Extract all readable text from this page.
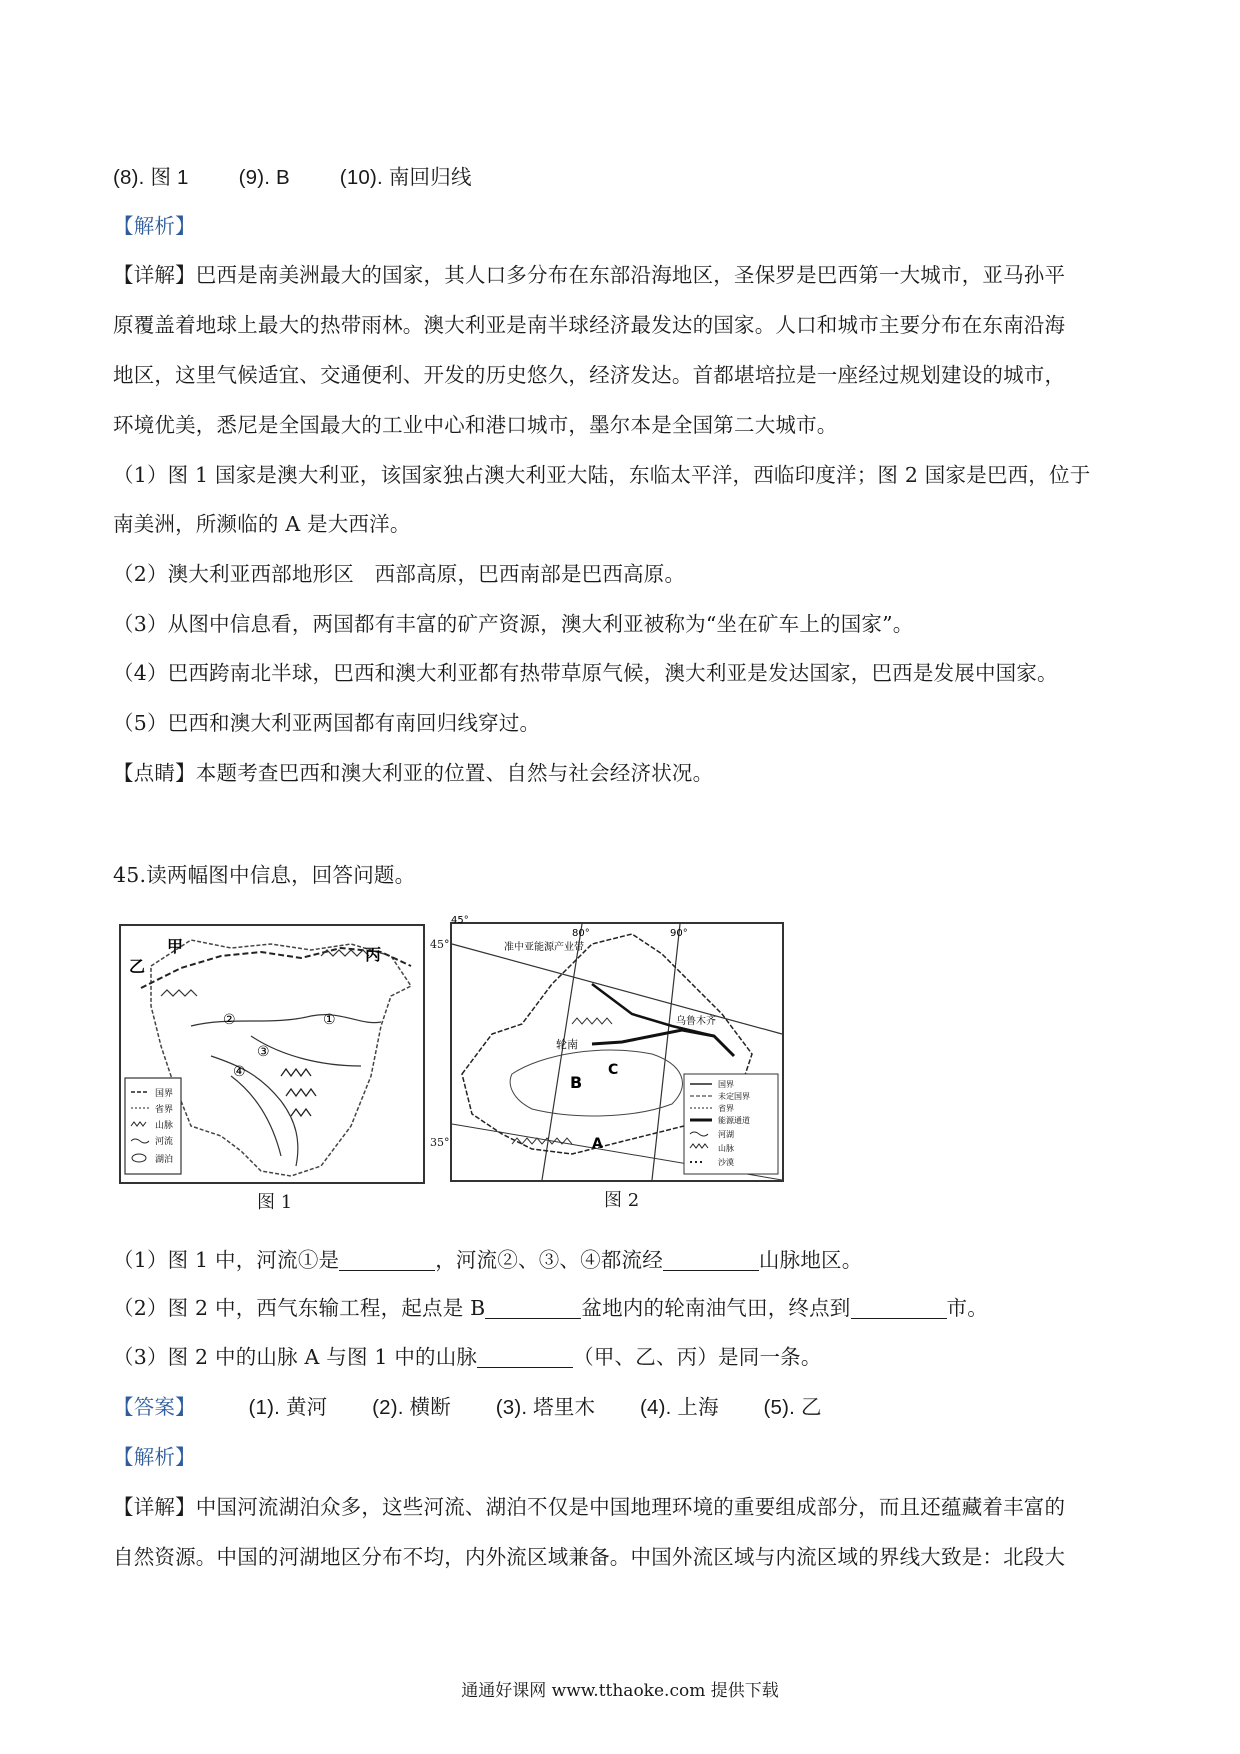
(8). 图 1 (9). B (10). 南回归线
【解析】
【详解】巴西是南美洲最大的国家，其人口多分布在东部沿海地区，圣保罗是巴西第一大城市，亚马孙平
原覆盖着地球上最大的热带雨林。澳大利亚是南半球经济最发达的国家。人口和城市主要分布在东南沿海
地区，这里气候适宜、交通便利、开发的历史悠久，经济发达。首都堪培拉是一座经过规划建设的城市，
环境优美，悉尼是全国最大的工业中心和港口城市，墨尔本是全国第二大城市。
（1）图 1 国家是澳大利亚，该国家独占澳大利亚大陆，东临太平洋，西临印度洋；图 2 国家是巴西，位于
南美洲，所濒临的 A 是大西洋。
（2）澳大利亚西部地形区　西部高原，巴西南部是巴西高原。
（3）从图中信息看，两国都有丰富的矿产资源，澳大利亚被称为“坐在矿车上的国家”。
（4）巴西跨南北半球，巴西和澳大利亚都有热带草原气候，澳大利亚是发达国家，巴西是发展中国家。
（5）巴西和澳大利亚两国都有南回归线穿过。
【点睛】本题考查巴西和澳大利亚的位置、自然与社会经济状况。
45.读两幅图中信息，回答问题。
甲
乙
丙
①
②
③
④
国界
省界
山脉
河流
湖泊
图 1
80°	90°
45°
准中亚能源产业带
乌鲁木齐
轮南
B
C
A
国界
未定国界
省界
能源通道
河湖
山脉
沙漠
45°
35°
图 2
（1）图 1 中，河流①是	，河流②、③、④都流经	山脉地区。
（2）图 2 中，西气东输工程，起点是 B	盆地内的轮南油气田，终点到	市。
（3）图 2 中的山脉 A 与图 1 中的山脉	（甲、乙、丙）是同一条。
【答案】	(1). 黄河 (2). 横断 (3). 塔里木 (4). 上海 (5). 乙
【解析】
【详解】中国河流湖泊众多，这些河流、湖泊不仅是中国地理环境的重要组成部分，而且还蕴藏着丰富的
自然资源。中国的河湖地区分布不均，内外流区域兼备。中国外流区域与内流区域的界线大致是：北段大
通通好课网 www.tthaoke.com 提供下载
